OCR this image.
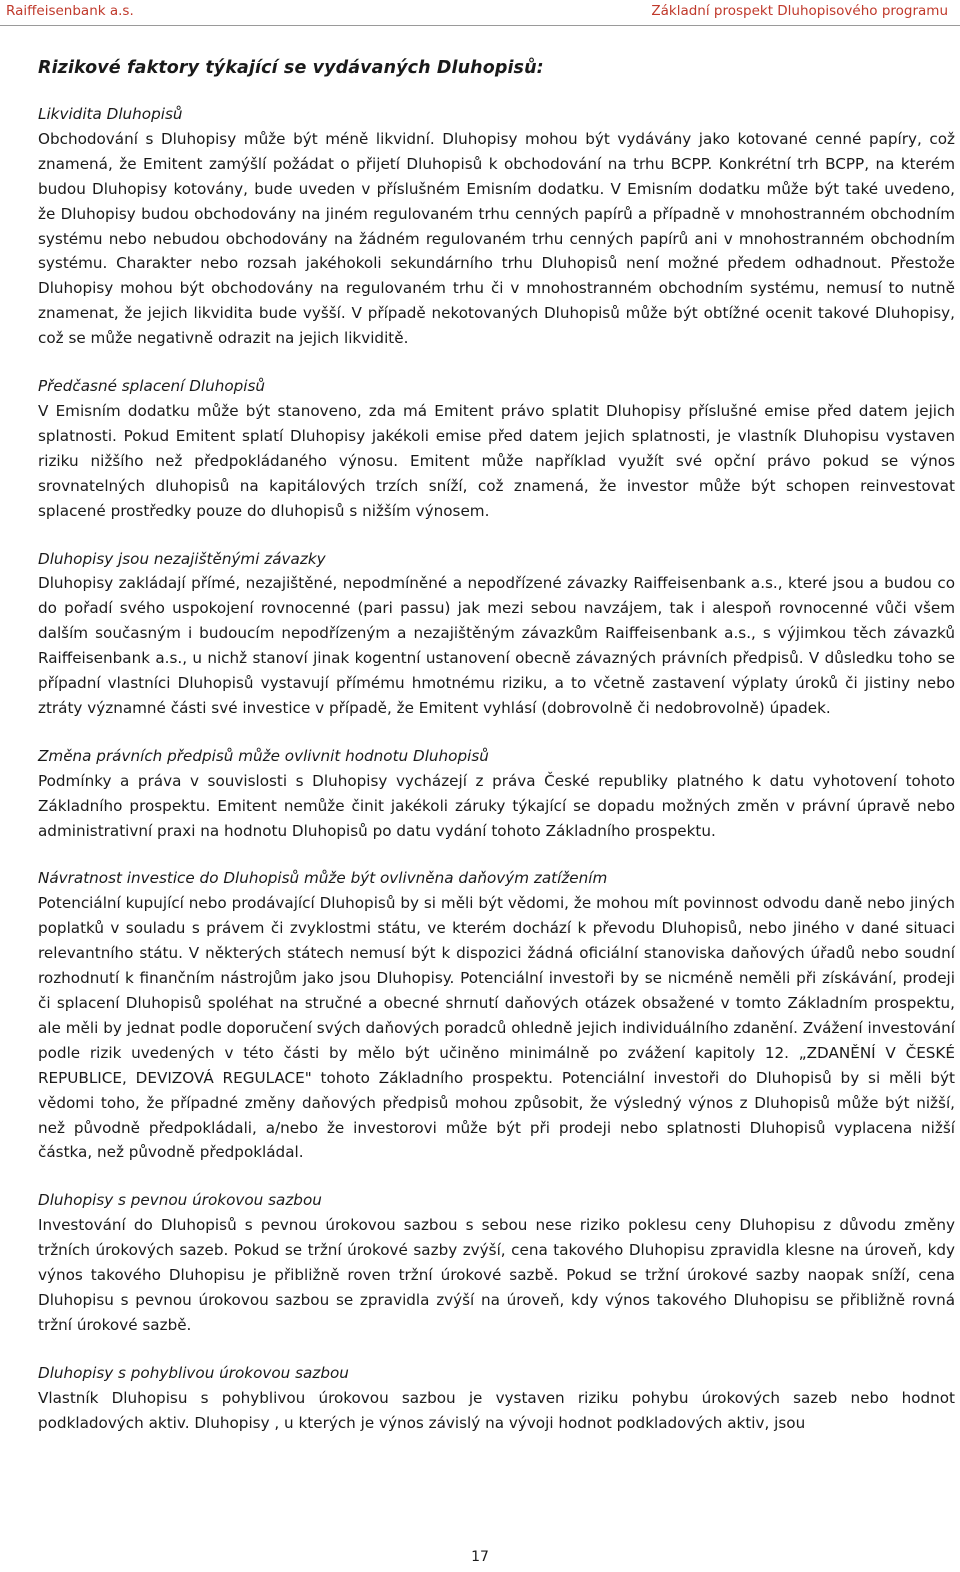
Raiffeisenbank a.s.	Základní prospekt Dluhopisového programu
Rizikové faktory týkající se vydávaných Dluhopisů:
Likvidita Dluhopisů
Obchodování s Dluhopisy může být méně likvidní. Dluhopisy mohou být vydávány jako kotované cenné papíry, což znamená, že Emitent zamýšlí požádat o přijetí Dluhopisů k obchodování na trhu BCPP. Konkrétní trh BCPP, na kterém budou Dluhopisy kotovány, bude uveden v příslušném Emisním dodatku. V Emisním dodatku může být také uvedeno, že Dluhopisy budou obchodovány na jiném regulovaném trhu cenných papírů a případně v mnohostranném obchodním systému nebo nebudou obchodovány na žádném regulovaném trhu cenných papírů ani v mnohostranném obchodním systému. Charakter nebo rozsah jakéhokoli sekundárního trhu Dluhopisů není možné předem odhadnout. Přestože Dluhopisy mohou být obchodovány na regulovaném trhu či v mnohostranném obchodním systému, nemusí to nutně znamenat, že jejich likvidita bude vyšší. V případě nekotovaných Dluhopisů může být obtížné ocenit takové Dluhopisy, což se může negativně odrazit na jejich likviditě.
Předčasné splacení Dluhopisů
V Emisním dodatku může být stanoveno, zda má Emitent právo splatit Dluhopisy příslušné emise před datem jejich splatnosti. Pokud Emitent splatí Dluhopisy jakékoli emise před datem jejich splatnosti, je vlastník Dluhopisu vystaven riziku nižšího než předpokládaného výnosu. Emitent může například využít své opční právo pokud se výnos srovnatelných dluhopisů na kapitálových trzích sníží, což znamená, že investor může být schopen reinvestovat splacené prostředky pouze do dluhopisů s nižším výnosem.
Dluhopisy jsou nezajištěnými závazky
Dluhopisy zakládají přímé, nezajištěné, nepodmíněné a nepodřízené závazky Raiffeisenbank a.s., které jsou a budou co do pořadí svého uspokojení rovnocenné (pari passu) jak mezi sebou navzájem, tak i alespoň rovnocenné vůči všem dalším současným i budoucím nepodřízeným a nezajištěným závazkům Raiffeisenbank a.s., s výjimkou těch závazků Raiffeisenbank a.s., u nichž stanoví jinak kogentní ustanovení obecně závazných právních předpisů. V důsledku toho se případní vlastníci Dluhopisů vystavují přímému hmotnému riziku, a to včetně zastavení výplaty úroků či jistiny nebo ztráty významné části své investice v případě, že Emitent vyhlásí (dobrovolně či nedobrovolně) úpadek.
Změna právních předpisů může ovlivnit hodnotu Dluhopisů
Podmínky a práva v souvislosti s Dluhopisy vycházejí z práva České republiky platného k datu vyhotovení tohoto Základního prospektu. Emitent nemůže činit jakékoli záruky týkající se dopadu možných změn v právní úpravě nebo administrativní praxi na hodnotu Dluhopisů po datu vydání tohoto Základního prospektu.
Návratnost investice do Dluhopisů může být ovlivněna daňovým zatížením
Potenciální kupující nebo prodávající Dluhopisů by si měli být vědomi, že mohou mít povinnost odvodu daně nebo jiných poplatků v souladu s právem či zvyklostmi státu, ve kterém dochází k převodu Dluhopisů, nebo jiného v dané situaci relevantního státu. V některých státech nemusí být k dispozici žádná oficiální stanoviska daňových úřadů nebo soudní rozhodnutí k finančním nástrojům jako jsou Dluhopisy. Potenciální investoři by se nicméně neměli při získávání, prodeji či splacení Dluhopisů spoléhat na stručné a obecné shrnutí daňových otázek obsažené v tomto Základním prospektu, ale měli by jednat podle doporučení svých daňových poradců ohledně jejich individuálního zdanění. Zvážení investování podle rizik uvedených v této části by mělo být učiněno minimálně po zvážení kapitoly 12. „ZDANĚNÍ V ČESKÉ REPUBLICE, DEVIZOVÁ REGULACE" tohoto Základního prospektu. Potenciální investoři do Dluhopisů by si měli být vědomi toho, že případné změny daňových předpisů mohou způsobit, že výsledný výnos z Dluhopisů může být nižší, než původně předpokládali, a/nebo že investorovi může být při prodeji nebo splatnosti Dluhopisů vyplacena nižší částka, než původně předpokládal.
Dluhopisy s pevnou úrokovou sazbou
Investování do Dluhopisů s pevnou úrokovou sazbou s sebou nese riziko poklesu ceny Dluhopisu z důvodu změny tržních úrokových sazeb. Pokud se tržní úrokové sazby zvýší, cena takového Dluhopisu zpravidla klesne na úroveň, kdy výnos takového Dluhopisu je přibližně roven tržní úrokové sazbě. Pokud se tržní úrokové sazby naopak sníží, cena Dluhopisu s pevnou úrokovou sazbou se zpravidla zvýší na úroveň, kdy výnos takového Dluhopisu se přibližně rovná tržní úrokové sazbě.
Dluhopisy s pohyblivou úrokovou sazbou
Vlastník Dluhopisu s pohyblivou úrokovou sazbou je vystaven riziku pohybu úrokových sazeb nebo hodnot podkladových aktiv. Dluhopisy , u kterých je výnos závislý na vývoji hodnot podkladových aktiv, jsou
17
